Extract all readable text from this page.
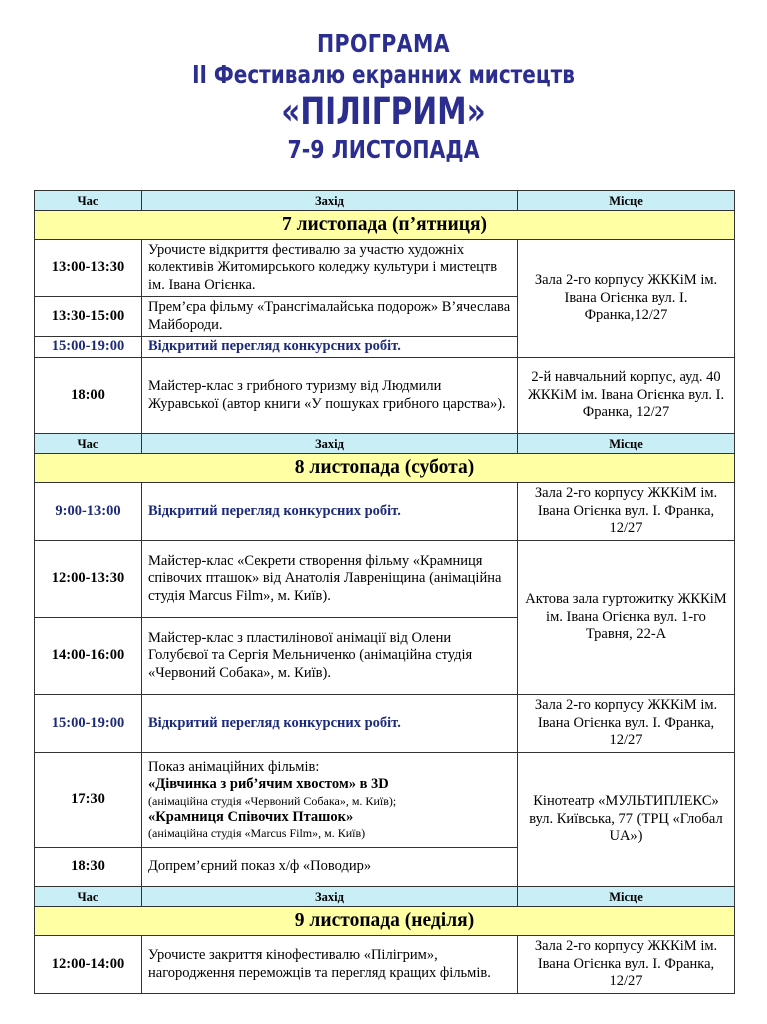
ПРОГРАМА
II Фестивалю екранних мистецтв
«ПІЛІГРИМ»
7-9 ЛИСТОПАДА
Час	Захід	Місце
7 листопада (п’ятниця)		
13:00-13:30	Урочисте відкриття фестивалю за участю художніх колективів Житомирського коледжу культури і мистецтв ім. Івана Огієнка.	Зала 2-го корпусу ЖККіМ ім. Івана Огієнка вул. І. Франка,12/27
13:30-15:00	Прем’єра фільму «Трансгімалайська подорож» В’ячеслава Майбороди.	
15:00-19:00	Відкритий перегляд конкурсних робіт.	
18:00	Майстер-клас з грибного туризму від Людмили Журавської (автор книги «У пошуках грибного царства»).	2-й навчальний корпус, ауд. 40 ЖККіМ ім. Івана Огієнка вул. І. Франка, 12/27
Час	Захід	Місце
8 листопада (субота)		
9:00-13:00	Відкритий перегляд конкурсних робіт.	Зала 2-го корпусу ЖККіМ ім. Івана Огієнка вул. І. Франка, 12/27
12:00-13:30	Майстер-клас «Секрети створення фільму «Крамниця співочих пташок» від Анатолія Лавреніщина (анімаційна студія Marcus Film», м. Київ).	Актова зала гуртожитку ЖККіМ ім. Івана Огієнка вул. 1-го Травня, 22-А
14:00-16:00	Майстер-клас з пластилінової анімації від Олени Голубєвої та Сергія Мельниченко (анімаційна студія «Червоний Собака», м. Київ).	
15:00-19:00	Відкритий перегляд конкурсних робіт.	Зала 2-го корпусу ЖККіМ ім. Івана Огієнка вул. І. Франка, 12/27
17:30	Показ анімаційних фільмів:
«Дівчинка з риб’ячим хвостом» в 3D
(анімаційна студія «Червоний Собака», м. Київ);
«Крамниця Співочих Пташок»
(анімаційна студія «Marcus Film», м. Київ)	Кінотеатр «МУЛЬТИПЛЕКС» вул. Київська, 77 (ТРЦ «Глобал UA»)
18:30	Допрем’єрний показ х/ф «Поводир»	
Час	Захід	Місце
9 листопада (неділя)		
12:00-14:00	Урочисте закриття кінофестивалю «Пілігрим», нагородження переможців та перегляд кращих фільмів.	Зала 2-го корпусу ЖККіМ ім. Івана Огієнка вул. І. Франка, 12/27
